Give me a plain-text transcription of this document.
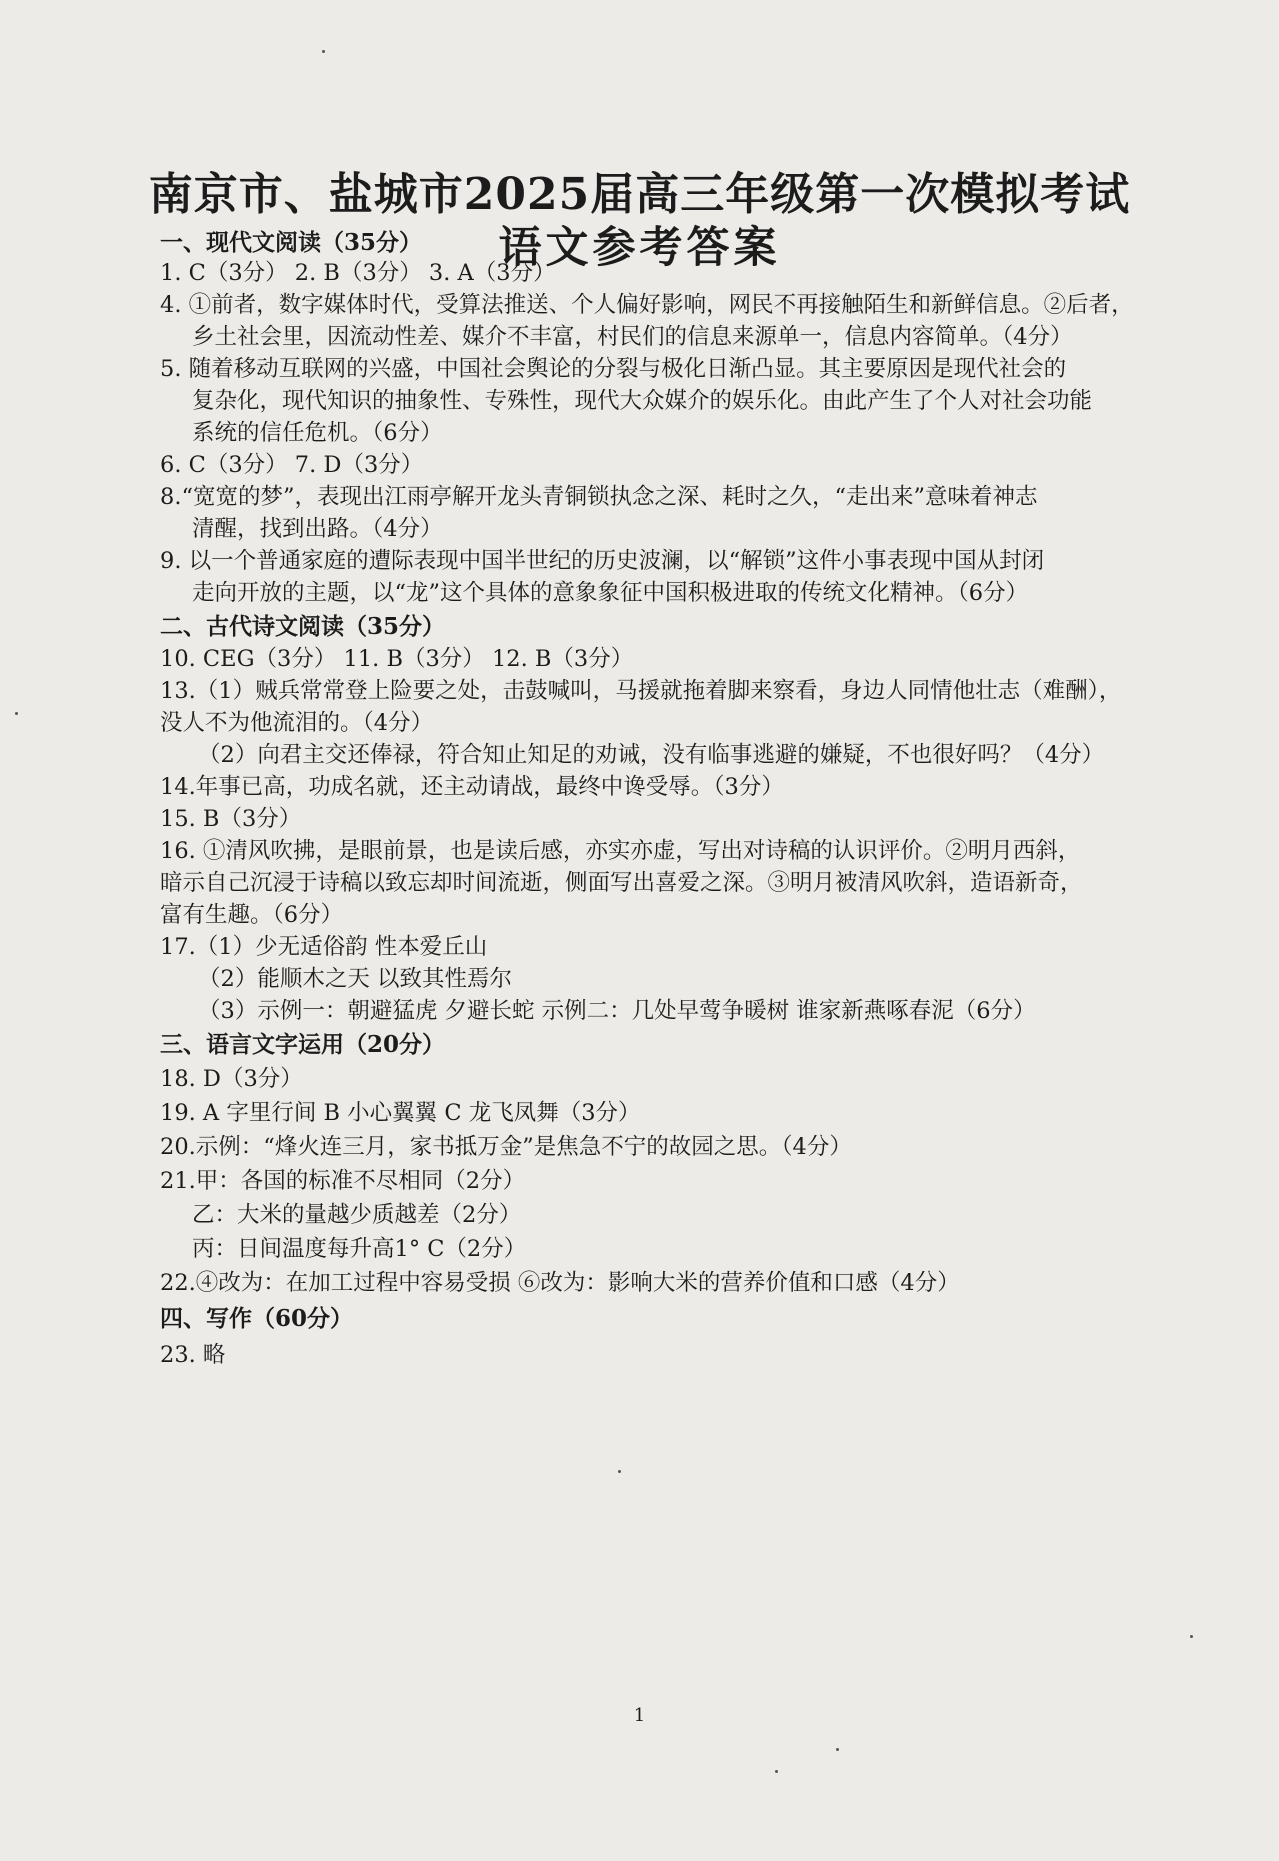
南京市、盐城市2025届高三年级第一次模拟考试
语文参考答案
一、现代文阅读（35分）
1. C（3分） 2. B（3分） 3. A（3分）
4. ①前者，数字媒体时代，受算法推送、个人偏好影响，网民不再接触陌生和新鲜信息。②后者，
乡土社会里，因流动性差、媒介不丰富，村民们的信息来源单一，信息内容简单。（4分）
5. 随着移动互联网的兴盛，中国社会舆论的分裂与极化日渐凸显。其主要原因是现代社会的
复杂化，现代知识的抽象性、专殊性，现代大众媒介的娱乐化。由此产生了个人对社会功能
系统的信任危机。（6分）
6. C（3分） 7. D（3分）
8.“宽宽的梦”，表现出江雨亭解开龙头青铜锁执念之深、耗时之久，“走出来”意味着神志
清醒，找到出路。（4分）
9. 以一个普通家庭的遭际表现中国半世纪的历史波澜，以“解锁”这件小事表现中国从封闭
走向开放的主题，以“龙”这个具体的意象象征中国积极进取的传统文化精神。（6分）
二、古代诗文阅读（35分）
10. CEG（3分） 11. B（3分） 12. B（3分）
13.（1）贼兵常常登上险要之处，击鼓喊叫，马援就拖着脚来察看，身边人同情他壮志（难酬），
没人不为他流泪的。（4分）
（2）向君主交还俸禄，符合知止知足的劝诫，没有临事逃避的嫌疑，不也很好吗？（4分）
14.年事已高，功成名就，还主动请战，最终中谗受辱。（3分）
15. B（3分）
16. ①清风吹拂，是眼前景，也是读后感，亦实亦虚，写出对诗稿的认识评价。②明月西斜，
暗示自己沉浸于诗稿以致忘却时间流逝，侧面写出喜爱之深。③明月被清风吹斜，造语新奇，
富有生趣。（6分）
17.（1）少无适俗韵 性本爱丘山
（2）能顺木之天 以致其性焉尔
（3）示例一：朝避猛虎 夕避长蛇 示例二：几处早莺争暖树 谁家新燕啄春泥（6分）
三、语言文字运用（20分）
18. D（3分）
19. A 字里行间 B 小心翼翼 C 龙飞凤舞（3分）
20.示例：“烽火连三月，家书抵万金”是焦急不宁的故园之思。（4分）
21.甲：各国的标准不尽相同（2分）
乙：大米的量越少质越差（2分）
丙：日间温度每升高1° C（2分）
22.④改为：在加工过程中容易受损 ⑥改为：影响大米的营养价值和口感（4分）
四、写作（60分）
23. 略
1
